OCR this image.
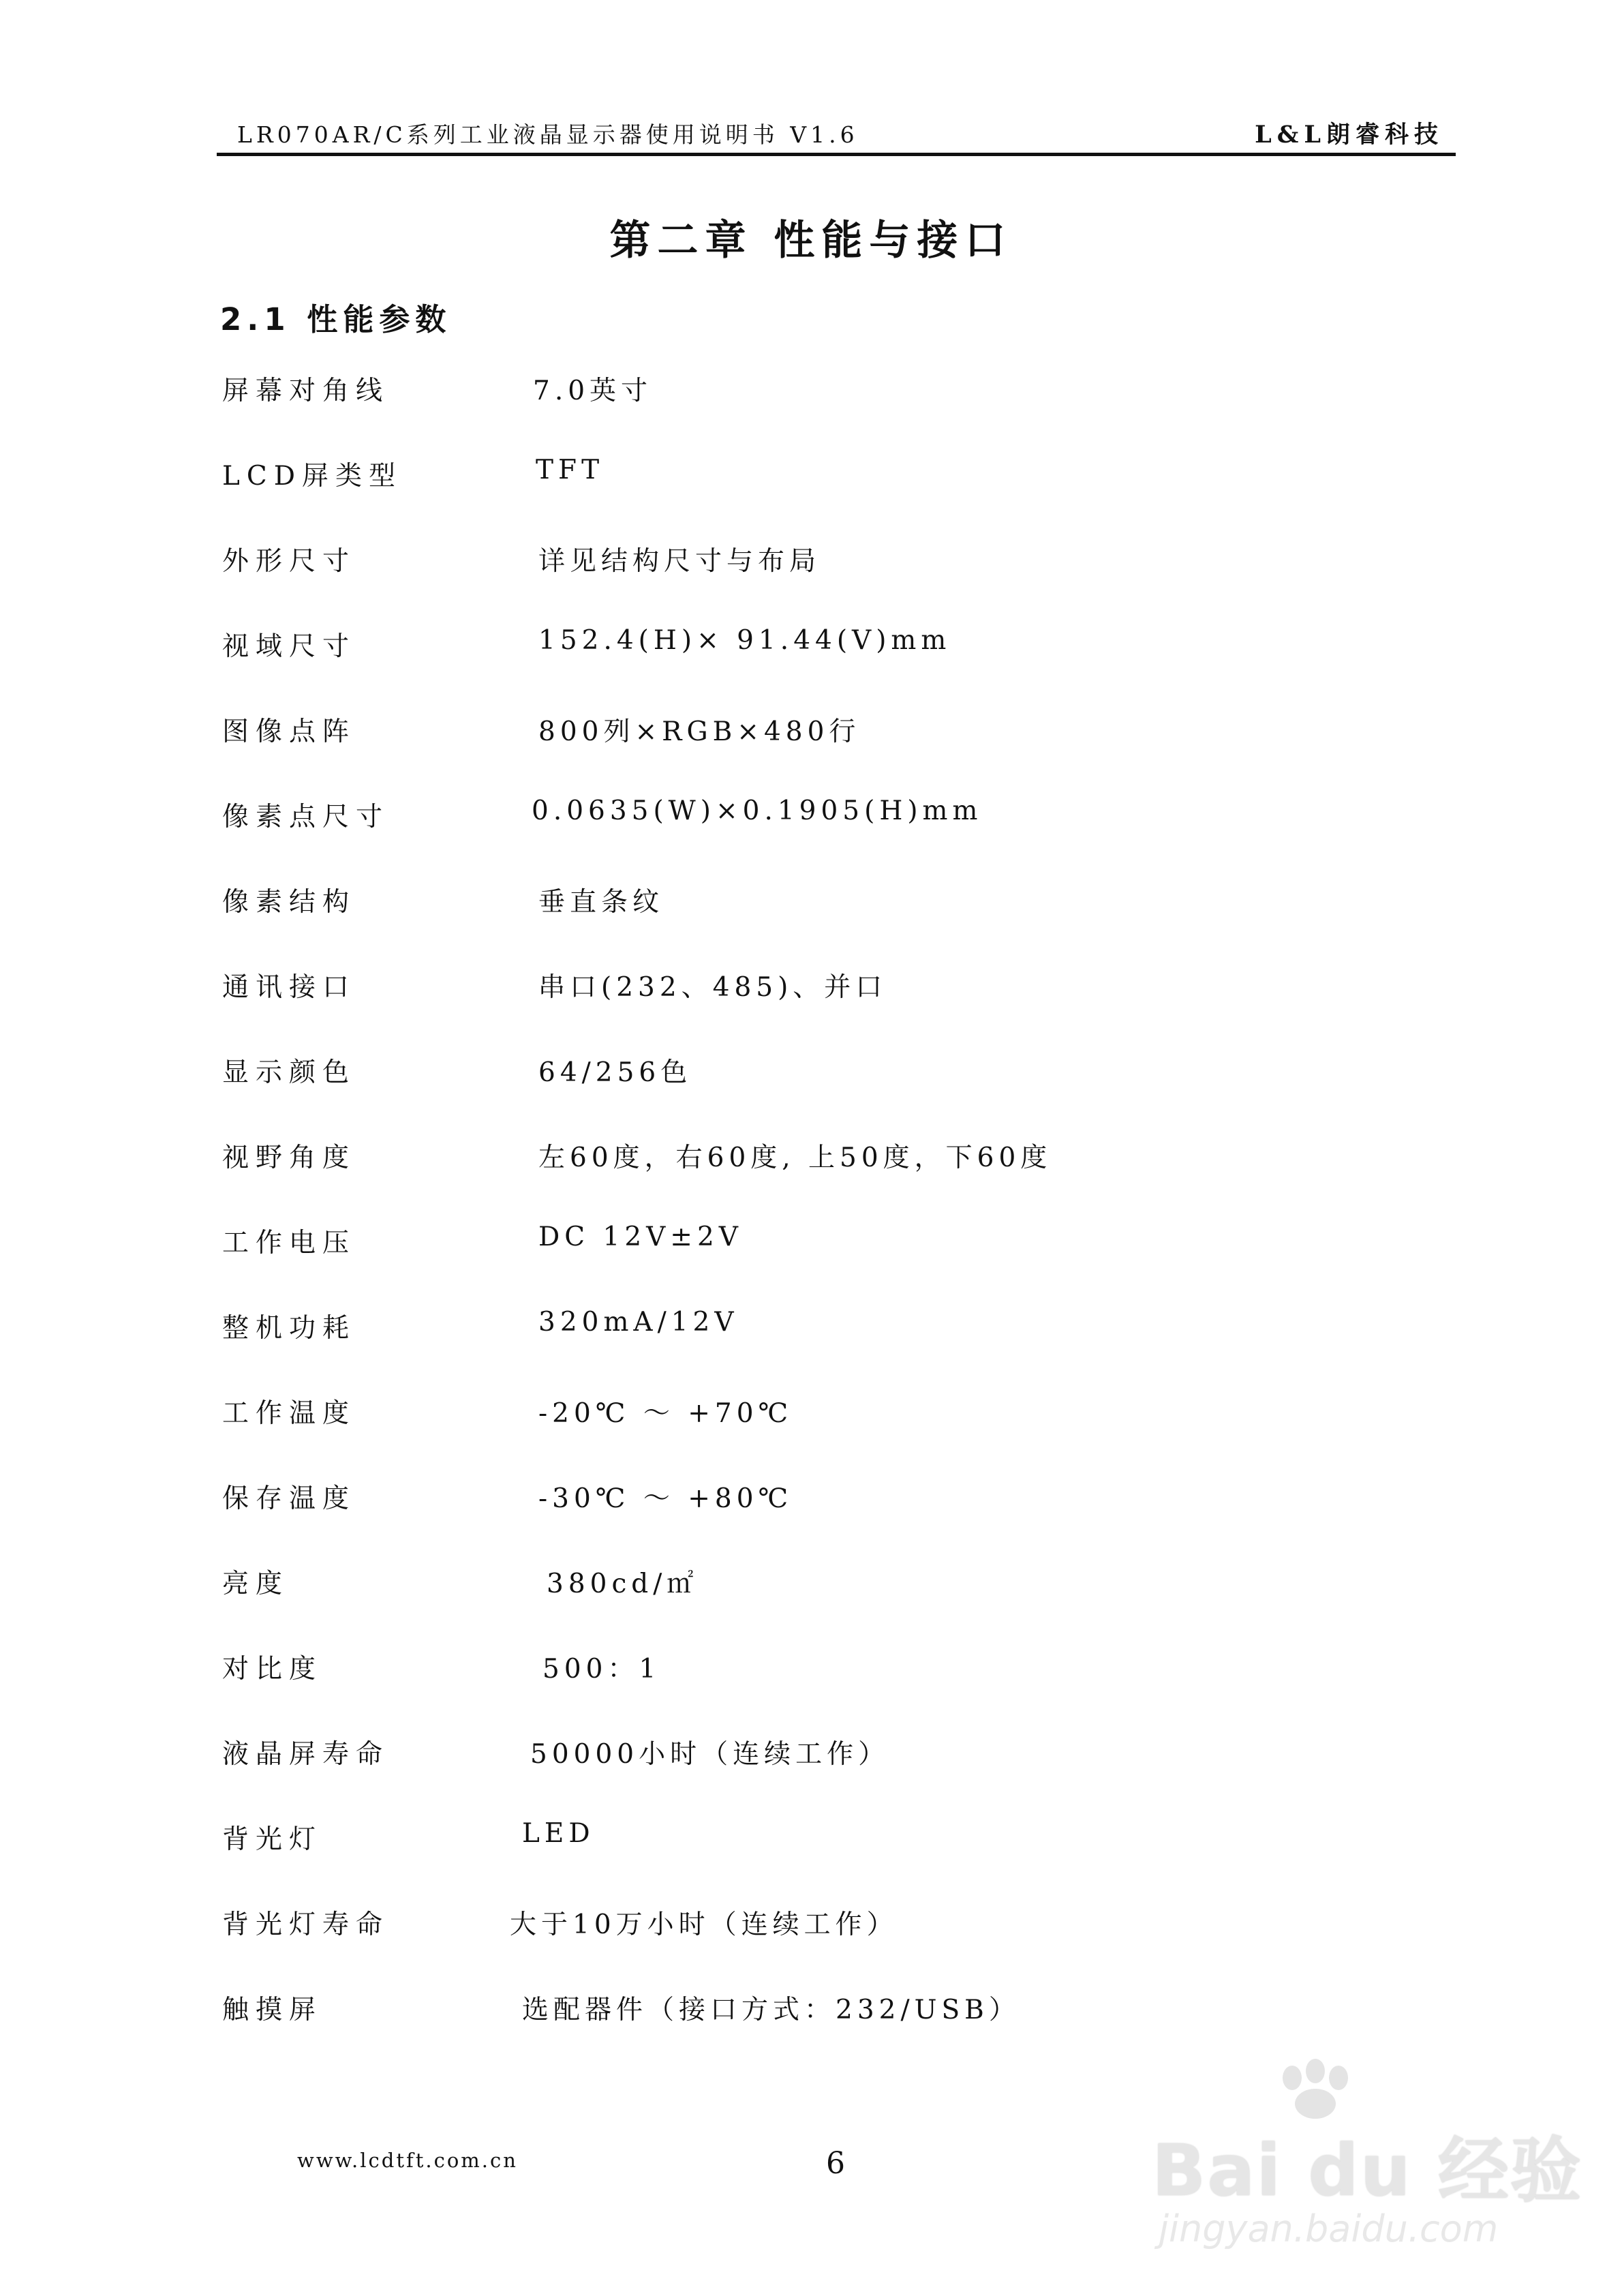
LR070AR/C系列工业液晶显示器使用说明书 V1.6	L&L朗睿科技
第二章 性能与接口
2.1 性能参数
屏幕对角线	7.0英寸
LCD屏类型	TFT
外形尺寸	详见结构尺寸与布局
视域尺寸	152.4(H)× 91.44(V)mm
图像点阵	800列×RGB×480行
像素点尺寸	0.0635(W)×0.1905(H)mm
像素结构	垂直条纹
通讯接口	串口(232、485)、并口
显示颜色	64/256色
视野角度	左60度，右60度, 上50度，下60度
工作电压	DC 12V±2V
整机功耗	320mA/12V
工作温度	-20℃ ～ +70℃
保存温度	-30℃ ～ +80℃
亮度	380cd/㎡
对比度	500：1
液晶屏寿命	50000小时（连续工作）
背光灯	LED
背光灯寿命	大于10万小时（连续工作）
触摸屏	选配器件（接口方式：232/USB）
www.lcdtft.com.cn	6	Bai du 经验
jingyan.baidu.com
